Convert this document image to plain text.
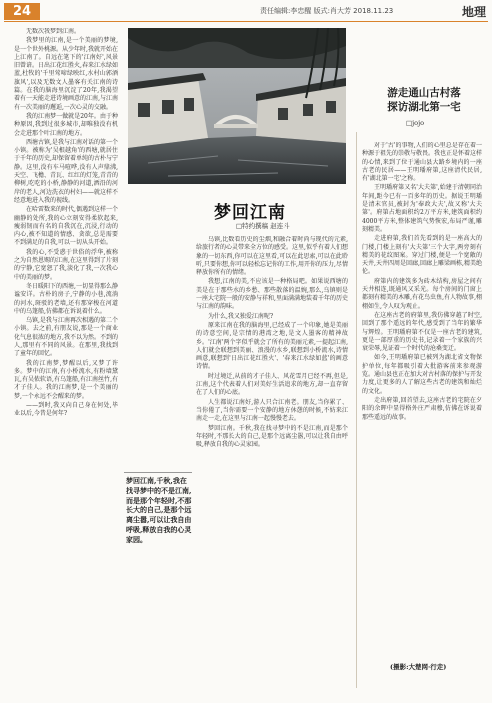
24	责任编辑:李忠醒 版式:肖大芳 2018.11.23	地理

无数次我梦到江南。

我梦里的江南,是一个美丽的梦境,是一个世外桃源。从少年时,我就开始在上江南了。自远在笔下的'江南好',风景旧曾谙。日出江花红胜火,春来江水绿如蓝,杜牧的'千里莺啼绿映红,水村山郭酒旗风',以及无数文人墨客有关江南的诗篇。在我的脑海里沉淀了20年,我渴望着有一天能走进诗境画意的江南,与江南有一次美丽的邂逅,一次心灵的交融。

我的江南梦一做就是20年。由于种种原因,我到过很多城市,却唯独没有机会走进那个叶江南的地方。

西塘古镇,是我与江南对话的第一个小镇。被称为'吴根越角'的西塘,就居住于千年的历史,却保留着单纯的古朴与宁静。这里,没有车马喧哗,没有人声鼎沸,天空、飞檐、青瓦、红红的灯笼,青青的柳树,吃吃的小桥,静静的河道,洒沿的河岸的老人,河边洗衣的村妇——就这样不经意地进入我的视线。

在哈雷数来的时代,偶遇到这样一个幽静的处所,我的心立刻安得柔软起来,瘦弱韧而有名的自我沉在,沉浸,行动的内心,被不知道的情感、贪欲,总是需要不到满足的自我,可以一切从头开始。

我的心,不受惑于世俗的浮华,被称之为自然恩赐的江南,在这里得到了片刻的宁静,它宽恕了我,淡化了我,一次我心中的美丽的梦。

冬日暖阳下的西塘,一切显得那么静谧安详。古朴的房子,宁静的小巷,流淌的河水,斑驳的老墙,还有那穿梭在河道中的乌篷船,仿佛都在诉说着什么。

乌镇,是我与江南再次相遇的第二个小镇。去之前,有朋友说,那是一个商业化气息很浓的地方,我不以为然。不到的人,那里有不同的风景。在那里,我找到了童年的回忆。

我的江南梦,梦醒以后,又梦了许多。梦中的江南,有小桥流水,有粉墙黛瓦,有吴侬软语,有乌篷船,有江南丝竹,有才子佳人。我的江南梦,是一个美丽的梦,一个永远不会醒来的梦。

——到时,我又向自己身在何处,毕业以后,今昔是何年?

梦回江南
□特约撰稿 赵连斗
梦回江南,千秋,我在找寻梦中的不是江南,而是那个年轻时,不那长大的自己,是那个远离尘嚣,可以让我自由呼吸,释放自我的心灵家园。

乌镇,比数看历史的尘烟,和融合着时尚与现代的元素,给旅行者的心灵带来全方位的感受。这里,似乎有着人们想象的一切东西,你可以在这里看,可以在此思索,可以在此聆听,只要你想,你可以轻松忘记你的工作,用开你的压力,尽情释放你所有的情绪。

我想,江南的美,不应该是一种格局吧。如果说西塘的美是在于那些水的乡愁、那些散落的温婉,那么,乌镇则是一座大宅院一般的安静与祥和,里面满满地装着千年的历史与江南的韵味。

为什么,我又独爱江南呢?

原来江南在我的脑海里,已经成了一个印象,她是美丽的诗意空间,是宗情的港湾之地,是文人墨客的精神故乡。'江南'两个字似乎就会了所有的美丽元素,一提起江南,人们就会联想到美丽、浪漫的水乡,联想到小桥流水,诗情画意,联想到'日出江花红胜火'、'春来江水绿如蓝'的画意诗情。

时过境迁,从前的才子佳人、风花雪月已经不再,但是,江南,这个代表着人们对美好生活追求的地方,却一直存留在了人们的心底。

人生都说江南好,游人只合江南老。朋友,当你累了、当你倦了,当你需要一个安静的地方休憩的时候,不妨来江南走一走,在这里与江南一起慢慢老去。

梦回江南。千秋,我在找寻梦中的不是江南,而是那个年轻时,不那长大的自己,是那个远离尘嚣,可以让我自由呼吸,释放自我的心灵家园。

游走通山古村落
探访湖北第一宅
□jojo

对于'古'的事物,人们的心里总是存在着一种源于祖先的崇敬与敬畏。我也正是怀着这样的心情,来到了位于通山县大路乡境内的一座古老的民居——王明璠府第,这座清代民居,有'湖北第一宅'之称。

王明璠府第又名'大夫第',始建于清朝同治年间,距今已有一百多年的历史。据说王明璠是清末官员,被封为'奉政大夫',故又称'大夫第'。府第占地面积约2万平方米,建筑面积约4000平方米,整体建筑气势恢宏,布局严谨,雕刻精美。

走进府第,我们首先看到的是一座高大的门楼,门楼上刻有'大夫第'三个大字,两旁刻有精美的花纹图案。穿过门楼,便是一个宽敞的天井,天井四周是回廊,回廊上雕梁画栋,精美绝伦。

府第内的建筑多为砖木结构,房屋之间有天井相连,既通风又采光。每个房间的门窗上都刻有精美的木雕,有花鸟虫鱼,有人物故事,栩栩如生,令人叹为观止。

在这座古老的府第里,我仿佛穿越了时空,回到了那个遥远的年代,感受到了当年的繁华与辉煌。王明璠府第不仅是一座古老的建筑,更是一部厚重的历史书,记录着一个家族的兴衰荣辱,见证着一个时代的沧桑变迁。

如今,王明璠府第已被列为湖北省文物保护单位,每年都吸引着大批游客前来参观游览。通山县也正在加大对古村落的保护与开发力度,让更多的人了解这些古老的建筑和灿烂的文化。

走出府第,回首望去,这座古老的宅院在夕阳的余晖中显得格外庄严肃穆,仿佛在诉说着那些遥远的故事。

(摄影:大楚网·行走)
